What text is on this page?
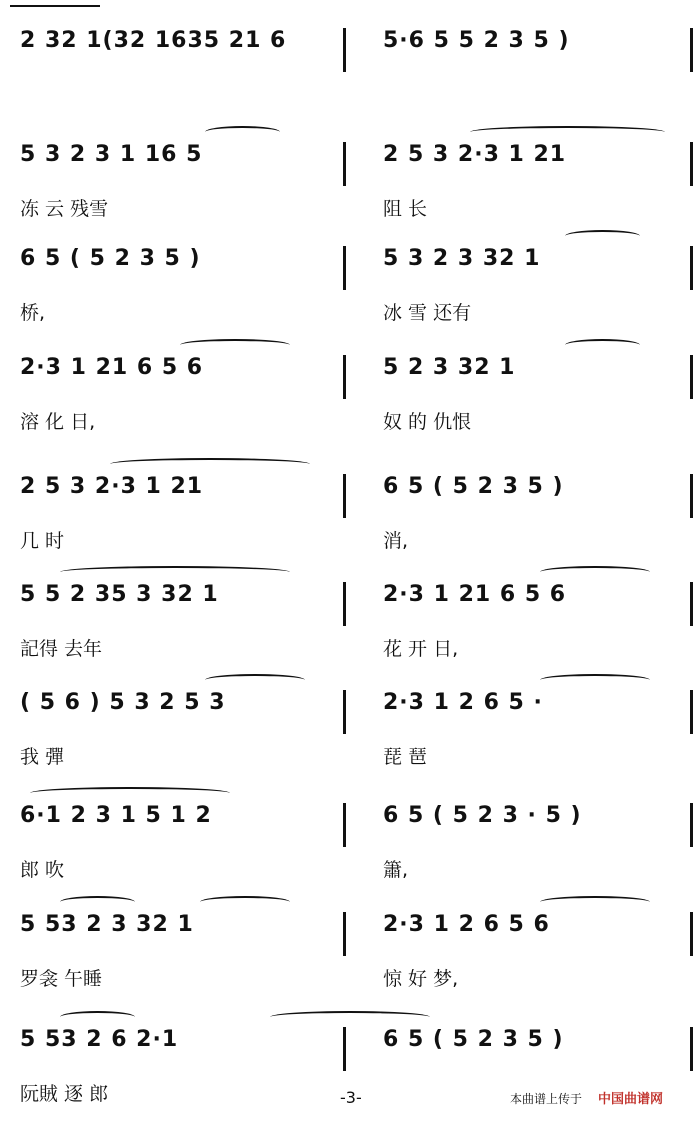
2 32 1(32 1635 21 6	5·6 5 5 2 3 5 )
5 3 2 3 1 16 5	2 5 3 2·3 1 21
冻 云 残雪	阻 长
6 5 ( 5 2 3 5 )	5 3 2 3 32 1
桥,	冰 雪 还有
2·3 1 21 6 5 6	5 2 3 32 1
溶 化 日,	奴 的 仇恨
2 5 3 2·3 1 21	6 5 ( 5 2 3 5 )
几 时	消,
5 5 2 35 3 32 1	2·3 1 21 6 5 6
記得 去年	花 开 日,
( 5 6 ) 5 3 2 5 3	2·3 1 2 6 5 ·
我 彈	琵 琶
6·1 2 3 1 5 1 2	6 5 ( 5 2 3 · 5 )
郎 吹	簫,
5 53 2 3 32 1	2·3 1 2 6 5 6
罗衾 午睡	惊 好 梦,
5 53 2 6 2·1	6 5 ( 5 2 3 5 )
阮賊 逐 郎	-3-	本曲谱上传于 中国曲谱网
